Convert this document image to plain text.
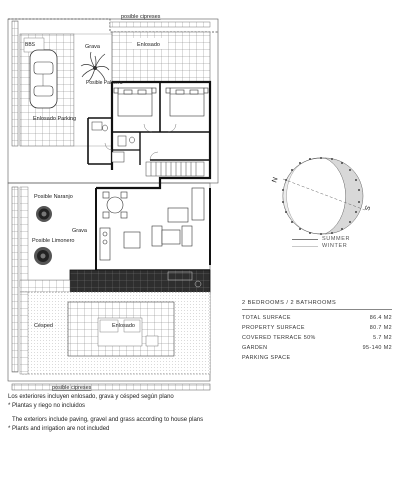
BBS
posible cipreses
Grava	Enlosado
Posible Palmera
Enlosado Parking
Posible Naranjo
Posible Limonero
Grava
Césped	Enlosado
posible cipreses
N
S
SUMMER
WINTER
2 BEDROOMS / 2 BATHROOMS
TOTAL SURFACE	86.4 M2
PROPERTY SURFACE	80.7 M2
COVERED TERRACE 50%	5.7 M2
GARDEN	95-140 M2
PARKING SPACE
Los exteriores incluyen enlosado, grava y césped según plano
* Plantas y riego no incluidos
The exteriors include paving, gravel and grass according to house plans
* Plants and irrigation are not included
